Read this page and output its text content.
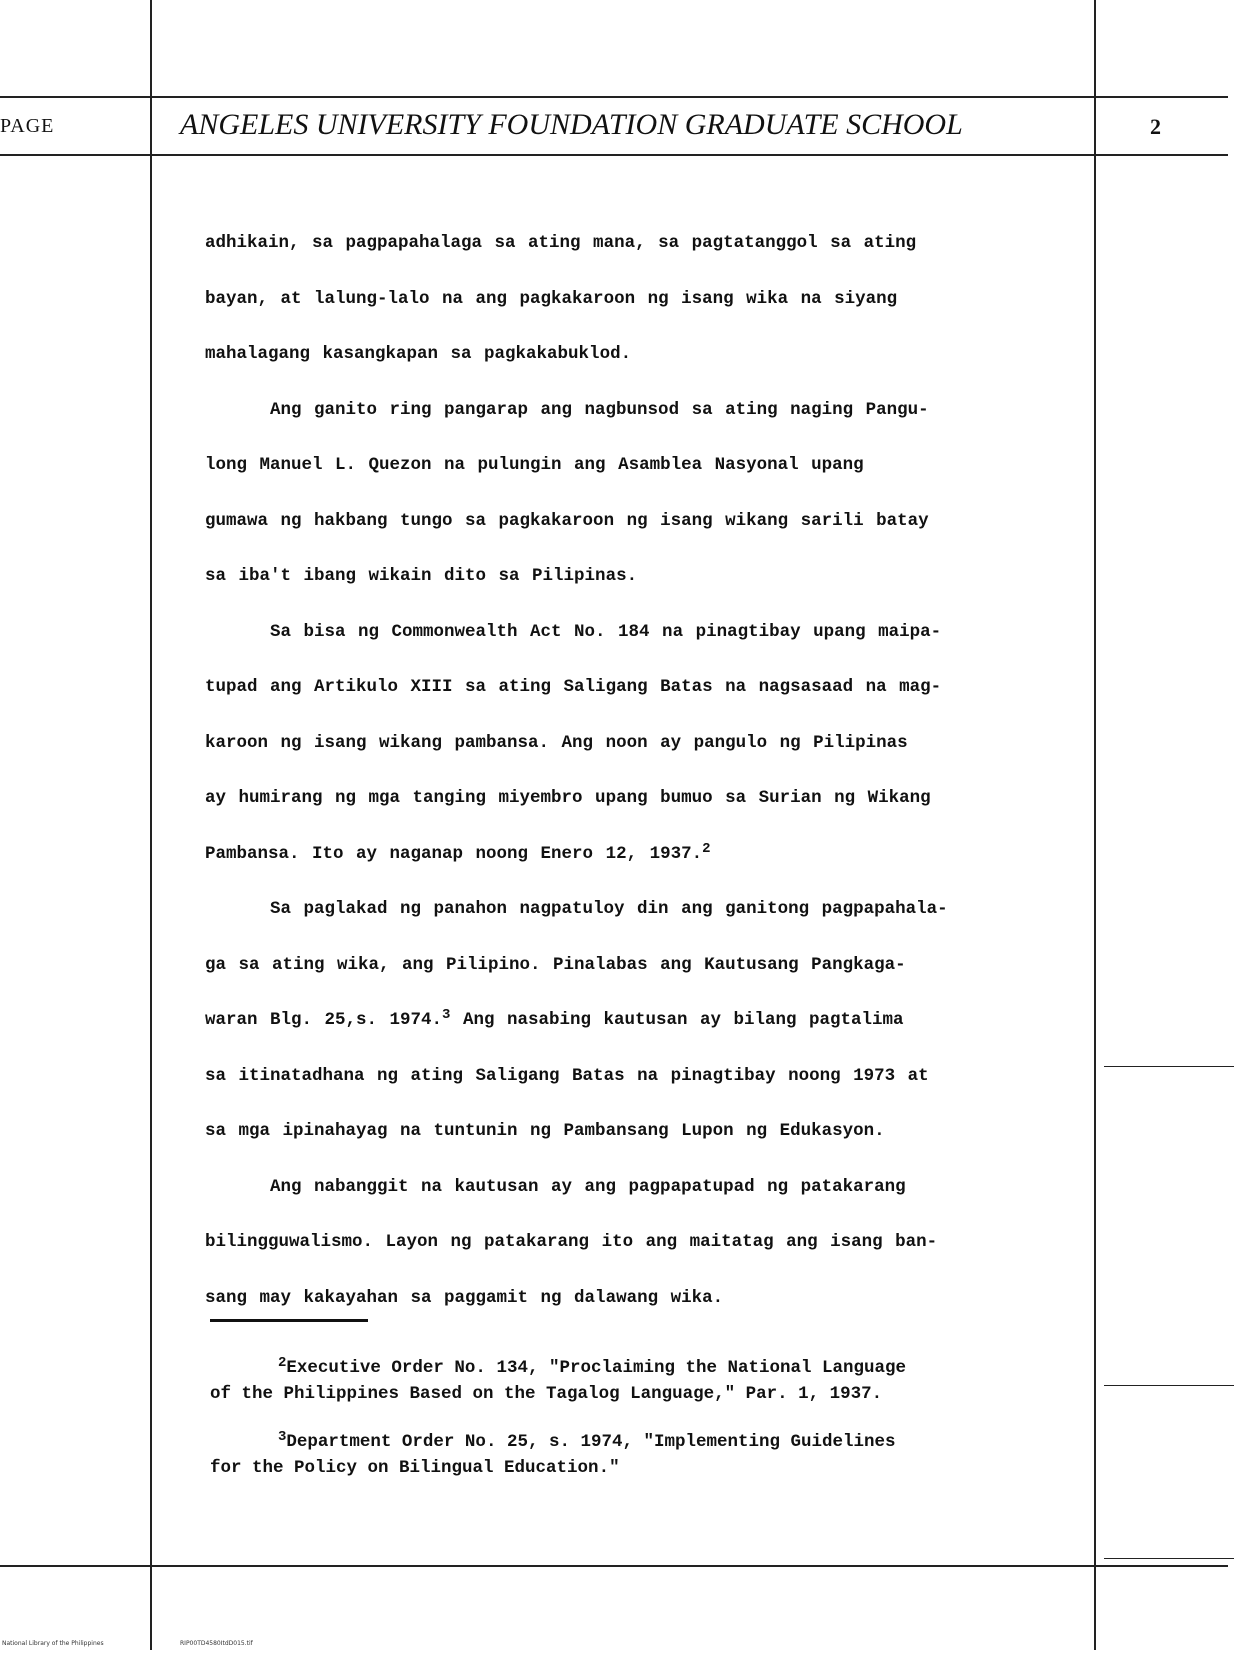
PAGE	ANGELES UNIVERSITY FOUNDATION GRADUATE SCHOOL	2

adhikain, sa pagpapahalaga sa ating mana, sa pagtatanggol sa ating

bayan, at lalung-lalo na ang pagkakaroon ng isang wika na siyang

mahalagang kasangkapan sa pagkakabuklod.

Ang ganito ring pangarap ang nagbunsod sa ating naging Pangu-

long Manuel L. Quezon na pulungin ang Asamblea Nasyonal upang

gumawa ng hakbang tungo sa pagkakaroon ng isang wikang sarili batay

sa iba't ibang wikain dito sa Pilipinas.

Sa bisa ng Commonwealth Act No. 184 na pinagtibay upang maipa-

tupad ang Artikulo XIII sa ating Saligang Batas na nagsasaad na mag-

karoon ng isang wikang pambansa. Ang noon ay pangulo ng Pilipinas

ay humirang ng mga tanging miyembro upang bumuo sa Surian ng Wikang

Pambansa. Ito ay naganap noong Enero 12, 1937.$^2$

Sa paglakad ng panahon nagpatuloy din ang ganitong pagpapahala-

ga sa ating wika, ang Pilipino. Pinalabas ang Kautusang Pangkaga-

waran Blg. 25,s. 1974.$^3$ Ang nasabing kautusan ay bilang pagtalima

sa itinatadhana ng ating Saligang Batas na pinagtibay noong 1973 at

sa mga ipinahayag na tuntunin ng Pambansang Lupon ng Edukasyon.

Ang nabanggit na kautusan ay ang pagpapatupad ng patakarang

bilingguwalismo. Layon ng patakarang ito ang maitatag ang isang ban-

sang may kakayahan sa paggamit ng dalawang wika.

$^2$Executive Order No. 134, "Proclaiming the National Language
of the Philippines Based on the Tagalog Language," Par. 1, 1937.
$^3$Department Order No. 25, s. 1974, "Implementing Guidelines
for the Policy on Bilingual Education."
National Library of the Philippines	RIP00TD4580ItdD015.tif
